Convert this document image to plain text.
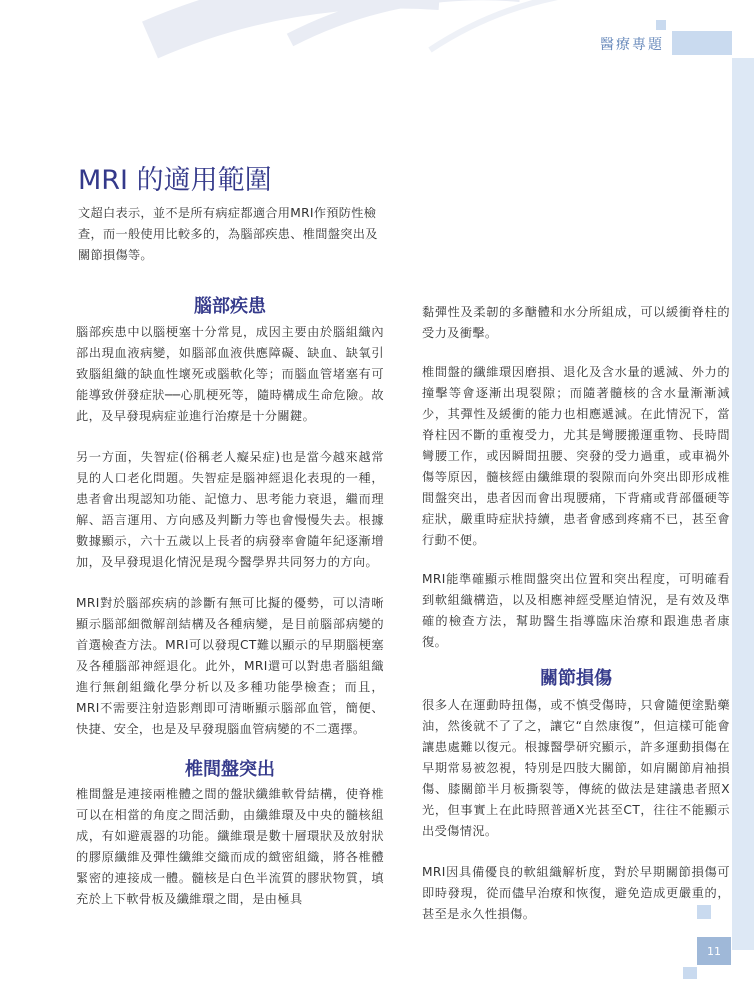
醫療專題
11
MRI 的適用範圍

文超白表示，並不是所有病症都適合用MRI作預防性檢查，而一般使用比較多的，為腦部疾患、椎間盤突出及關節損傷等。

腦部疾患

腦部疾患中以腦梗塞十分常見，成因主要由於腦組織內部出現血液病變，如腦部血液供應障礙、缺血、缺氧引致腦組織的缺血性壞死或腦軟化等；而腦血管堵塞有可能導致併發症狀──心肌梗死等，隨時構成生命危險。故此，及早發現病症並進行治療是十分關鍵。

另一方面，失智症(俗稱老人癡呆症)也是當今越來越常見的人口老化問題。失智症是腦神經退化表現的一種，患者會出現認知功能、記憶力、思考能力衰退，繼而理解、語言運用、方向感及判斷力等也會慢慢失去。根據數據顯示，六十五歲以上長者的病發率會隨年紀逐漸增加，及早發現退化情況是現今醫學界共同努力的方向。

MRI對於腦部疾病的診斷有無可比擬的優勢，可以清晰顯示腦部細微解剖結構及各種病變，是目前腦部病變的首選檢查方法。MRI可以發現CT難以顯示的早期腦梗塞及各種腦部神經退化。此外，MRI還可以對患者腦組織進行無創組織化學分析以及多種功能學檢查；而且，MRI不需要注射造影劑即可清晰顯示腦部血管，簡便、快捷、安全，也是及早發現腦血管病變的不二選擇。

椎間盤突出

椎間盤是連接兩椎體之間的盤狀纖維軟骨結構，使脊椎可以在相當的角度之間活動，由纖維環及中央的髓核組成，有如避震器的功能。纖維環是數十層環狀及放射狀的膠原纖維及彈性纖維交織而成的緻密組織，將各椎體緊密的連接成一體。髓核是白色半流質的膠狀物質，填充於上下軟骨板及纖維環之間，是由極具

黏彈性及柔韌的多醣體和水分所組成，可以緩衝脊柱的受力及衝擊。

椎間盤的纖維環因磨損、退化及含水量的遞減、外力的撞擊等會逐漸出現裂隙；而隨著髓核的含水量漸漸減少，其彈性及緩衝的能力也相應遞減。在此情況下，當脊柱因不斷的重複受力，尤其是彎腰搬運重物、長時間彎腰工作，或因瞬間扭腰、突發的受力過重，或車禍外傷等原因，髓核經由纖維環的裂隙而向外突出即形成椎間盤突出，患者因而會出現腰痛，下背痛或背部僵硬等症狀，嚴重時症狀持續，患者會感到疼痛不已，甚至會行動不便。

MRI能準確顯示椎間盤突出位置和突出程度，可明確看到軟組織構造，以及相應神經受壓迫情況，是有效及準確的檢查方法，幫助醫生指導臨床治療和跟進患者康復。

關節損傷

很多人在運動時扭傷，或不慎受傷時，只會隨便塗點藥油，然後就不了了之，讓它“自然康復”，但這樣可能會讓患處難以復元。根據醫學研究顯示，許多運動損傷在早期常易被忽視，特別是四肢大關節，如肩關節肩袖損傷、膝關節半月板撕裂等，傳統的做法是建議患者照X光，但事實上在此時照普通X光甚至CT，往往不能顯示出受傷情況。

MRI因具備優良的軟組織解析度，對於早期關節損傷可即時發現，從而儘早治療和恢復，避免造成更嚴重的，甚至是永久性損傷。
